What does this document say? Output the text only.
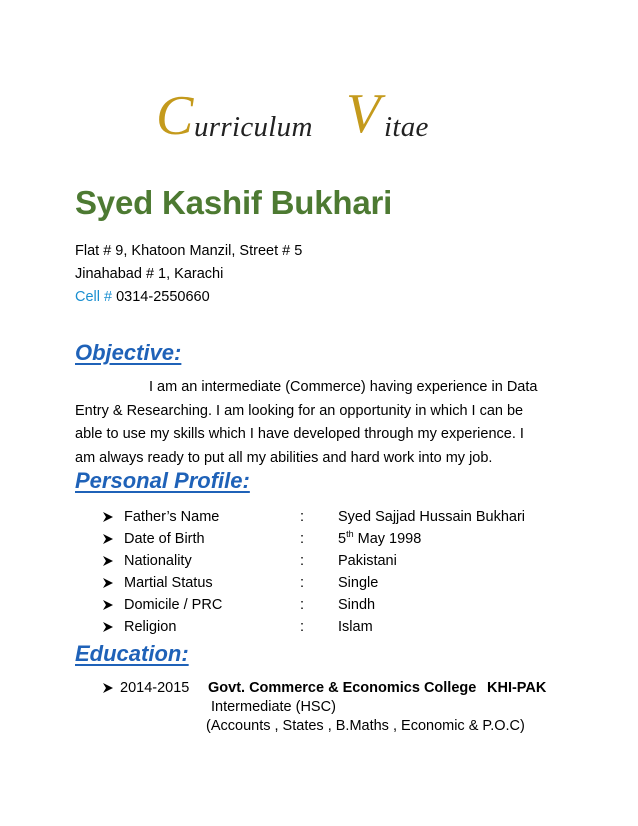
C urriculum V itae
Syed Kashif Bukhari
Flat # 9, Khatoon Manzil, Street # 5
Jinahabad # 1, Karachi
Cell # 0314-2550660
Objective:
I am an intermediate (Commerce) having experience in Data
Entry & Researching. I am looking for an opportunity in which I can be
able to use my skills which I have developed through my experience. I
am always ready to put all my abilities and hard work into my job.
Personal Profile:
Father’s Name	: Syed Sajjad Hussain Bukhari
Date of Birth	: 5th May 1998
Nationality	: Pakistani
Martial Status	: Single
Domicile / PRC	: Sindh
Religion	: Islam
Education:
2014-2015 Govt. Commerce & Economics College KHI-PAK
Intermediate (HSC)
(Accounts , States , B.Maths , Economic & P.O.C)
